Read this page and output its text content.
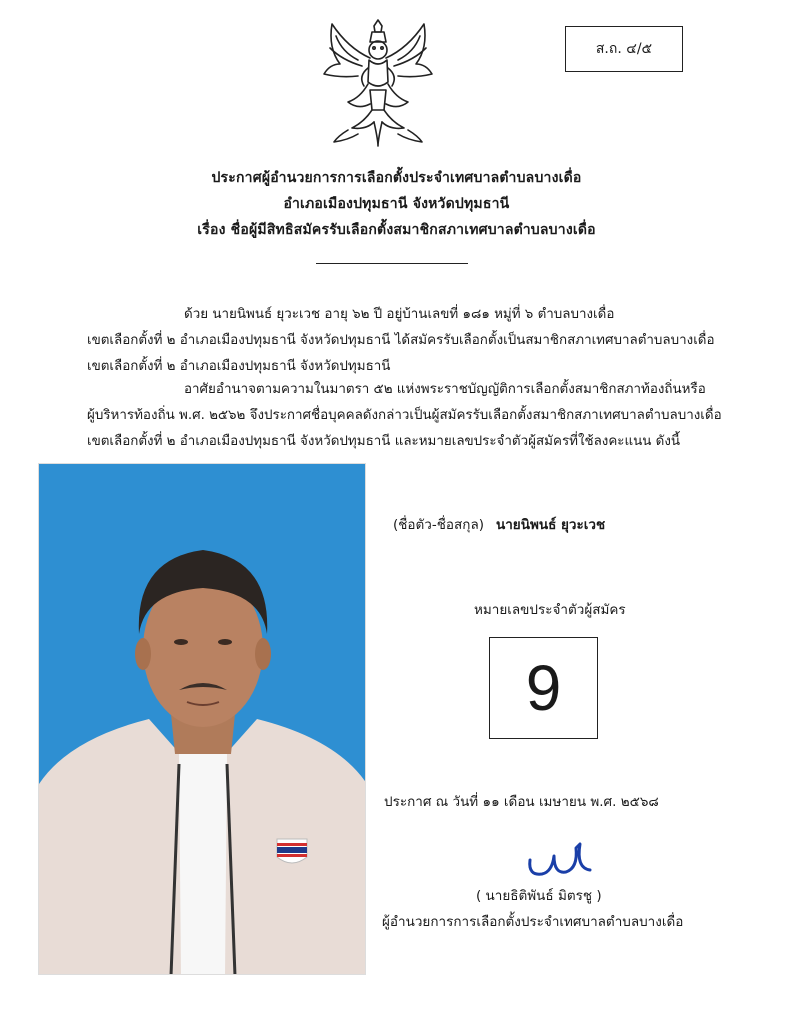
ส.ถ. ๔/๕
ประกาศผู้อำนวยการการเลือกตั้งประจำเทศบาลตำบลบางเดื่อ
อำเภอเมืองปทุมธานี จังหวัดปทุมธานี
เรื่อง ชื่อผู้มีสิทธิสมัครรับเลือกตั้งสมาชิกสภาเทศบาลตำบลบางเดื่อ
ด้วย นายนิพนธ์ ยุวะเวช อายุ ๖๒ ปี อยู่บ้านเลขที่ ๑๘๑ หมู่ที่ ๖ ตำบลบางเดื่อ
เขตเลือกตั้งที่ ๒ อำเภอเมืองปทุมธานี จังหวัดปทุมธานี ได้สมัครรับเลือกตั้งเป็นสมาชิกสภาเทศบาลตำบลบางเดื่อ
เขตเลือกตั้งที่ ๒ อำเภอเมืองปทุมธานี จังหวัดปทุมธานี
อาศัยอำนาจตามความในมาตรา ๕๒ แห่งพระราชบัญญัติการเลือกตั้งสมาชิกสภาท้องถิ่นหรือ
ผู้บริหารท้องถิ่น พ.ศ. ๒๕๖๒ จึงประกาศชื่อบุคคลดังกล่าวเป็นผู้สมัครรับเลือกตั้งสมาชิกสภาเทศบาลตำบลบางเดื่อ
เขตเลือกตั้งที่ ๒ อำเภอเมืองปทุมธานี จังหวัดปทุมธานี และหมายเลขประจำตัวผู้สมัครที่ใช้ลงคะแนน ดังนี้
(ชื่อตัว-ชื่อสกุล) นายนิพนธ์ ยุวะเวช
หมายเลขประจำตัวผู้สมัคร
9
ประกาศ ณ วันที่ ๑๑ เดือน เมษายน พ.ศ. ๒๕๖๘
( นายธิติพันธ์ มิตรชู )
ผู้อำนวยการการเลือกตั้งประจำเทศบาลตำบลบางเดื่อ
